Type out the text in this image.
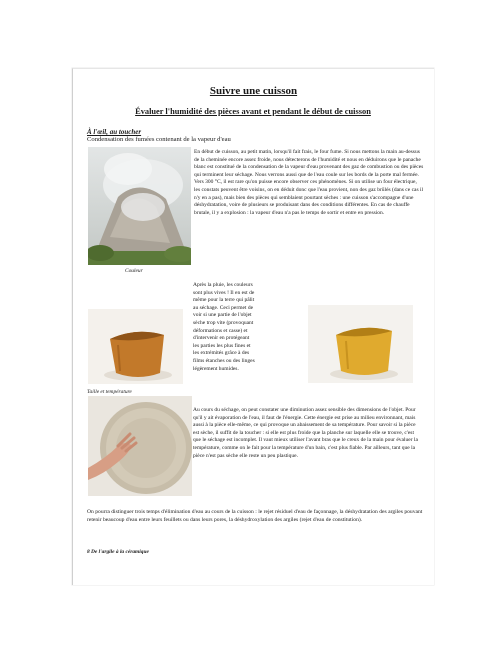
Suivre une cuisson
Évaluer l'humidité des pièces avant et pendant le début de cuisson
À l'œil, au toucher
Condensation des fumées contenant de la vapeur d'eau
En début de cuisson, au petit matin, lorsqu'il fait frais, le four fume. Si nous mettons la main au-dessus de la cheminée encore assez froide, nous détecterons de l'humidité et nous en déduirons que le panache blanc est constitué de la condensation de la vapeur d'eau provenant des gaz de combustion ou des pièces qui terminent leur séchage. Nous verrons aussi que de l'eau coule sur les bords de la porte mal fermée. Vers 300 °C, il est rare qu'on puisse encore observer ces phénomènes. Si on utilise un four électrique, les constats peuvent être voisins, on en déduit donc que l'eau provient, non des gaz brûlés (dans ce cas il n'y en a pas), mais bien des pièces qui semblaient pourtant sèches : une cuisson s'accompagne d'une déshydratation, voire de plusieurs se produisant dans des conditions différentes. En cas de chauffe brutale, il y a explosion : la vapeur d'eau n'a pas le temps de sortir et entre en pression.
Couleur
Après la pluie, les couleurs sont plus vives ! Il en est de même pour la terre qui pâlit au séchage. Ceci permet de voir si une partie de l'objet sèche trop vite (provoquant déformations et casse) et d'intervenir en protégeant les parties les plus fines et les extrémités grâce à des films étanches ou des linges légèrement humides.
Taille et température
Au cours du séchage, on peut constater une diminution assez sensible des dimensions de l'objet. Pour qu'il y ait évaporation de l'eau, il faut de l'énergie. Cette énergie est prise au milieu environnant, mais aussi à la pièce elle-même, ce qui provoque un abaissement de sa température. Pour savoir si la pièce est sèche, il suffit de la toucher : si elle est plus froide que la planche sur laquelle elle se trouve, c'est que le séchage est incomplet. Il vaut mieux utiliser l'avant bras que le creux de la main pour évaluer la température, comme on le fait pour la température d'un bain, c'est plus fiable. Par ailleurs, tant que la pièce n'est pas sèche elle reste un peu plastique.
On pourra distinguer trois temps d'élimination d'eau au cours de la cuisson : le rejet résiduel d'eau de façonnage, la déshydratation des argiles pouvant retenir beaucoup d'eau entre leurs feuillets ou dans leurs pores, la déshydroxylation des argiles (rejet d'eau de constitution).
8 De l'argile à la céramique
